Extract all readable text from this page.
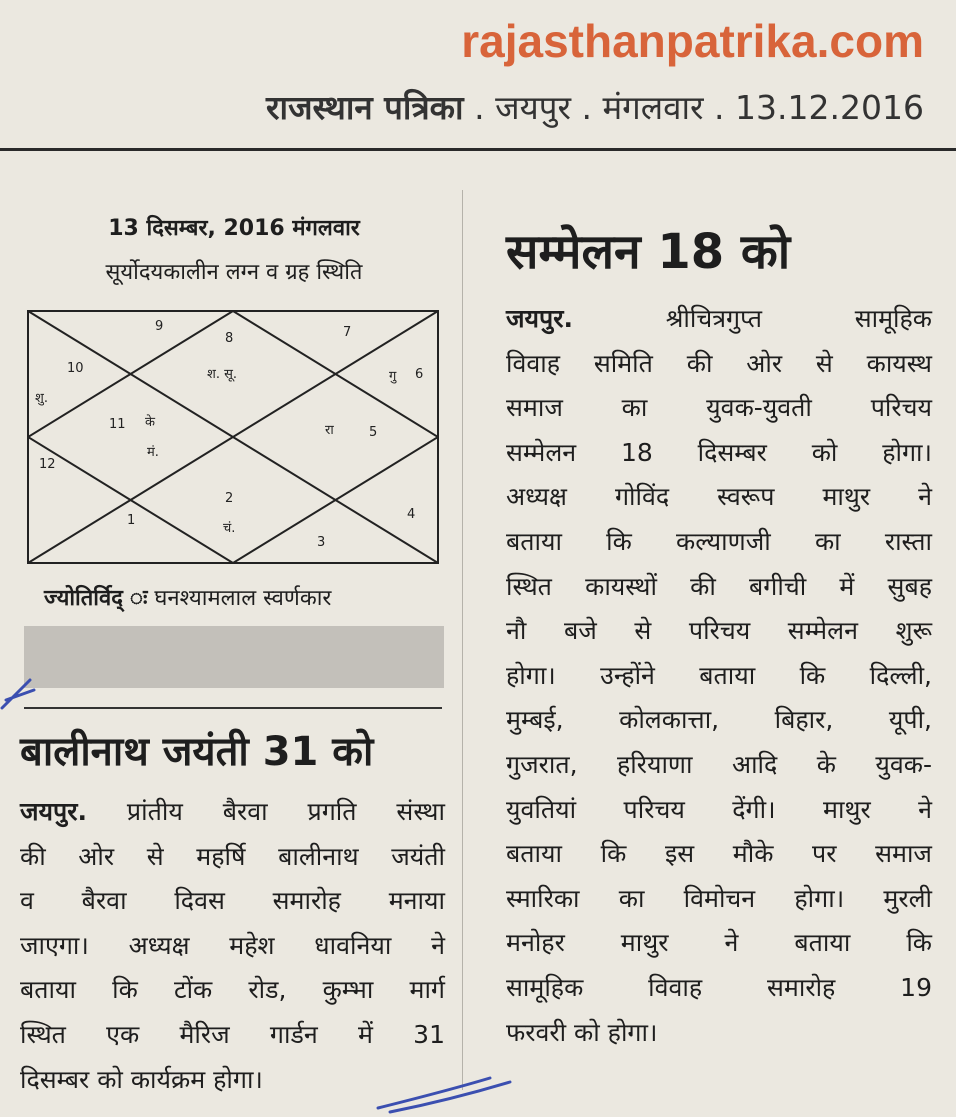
rajasthanpatrika.com
राजस्थान पत्रिका . जयपुर . मंगलवार . 13.12.2016
13 दिसम्बर, 2016 मंगलवार
सूर्योदयकालीन लग्न व ग्रह स्थिति
9
8	7
6
5
4
3
2
1
12
11
10
शु.
श. सू.	गु
के
मं.
रा
चं.
ज्योतिर्विद् ः घनश्यामलाल स्वर्णकार
बालीनाथ जयंती 31 को
जयपुर. प्रांतीय बैरवा प्रगति संस्था
की ओर से महर्षि बालीनाथ जयंती
व बैरवा दिवस समारोह मनाया
जाएगा। अध्यक्ष महेश धावनिया ने
बताया कि टोंक रोड, कुम्भा मार्ग
स्थित एक मैरिज गार्डन में 31
दिसम्बर को कार्यक्रम होगा।
सम्मेलन 18 को
जयपुर.	श्रीचित्रगुप्त सामूहिक
विवाह समिति की ओर से कायस्थ
समाज का युवक-युवती परिचय
सम्मेलन 18 दिसम्बर को होगा।
अध्यक्ष गोविंद स्वरूप माथुर ने
बताया कि कल्याणजी का रास्ता
स्थित कायस्थों की बगीची में सुबह
नौ बजे से परिचय सम्मेलन शुरू
होगा। उन्होंने बताया कि दिल्ली,
मुम्बई, कोलकात्ता, बिहार, यूपी,
गुजरात, हरियाणा आदि के युवक-
युवतियां परिचय देंगी। माथुर ने
बताया कि इस मौके पर समाज
स्मारिका का विमोचन होगा। मुरली
मनोहर माथुर ने बताया कि
सामूहिक विवाह समारोह 19
फरवरी को होगा।
